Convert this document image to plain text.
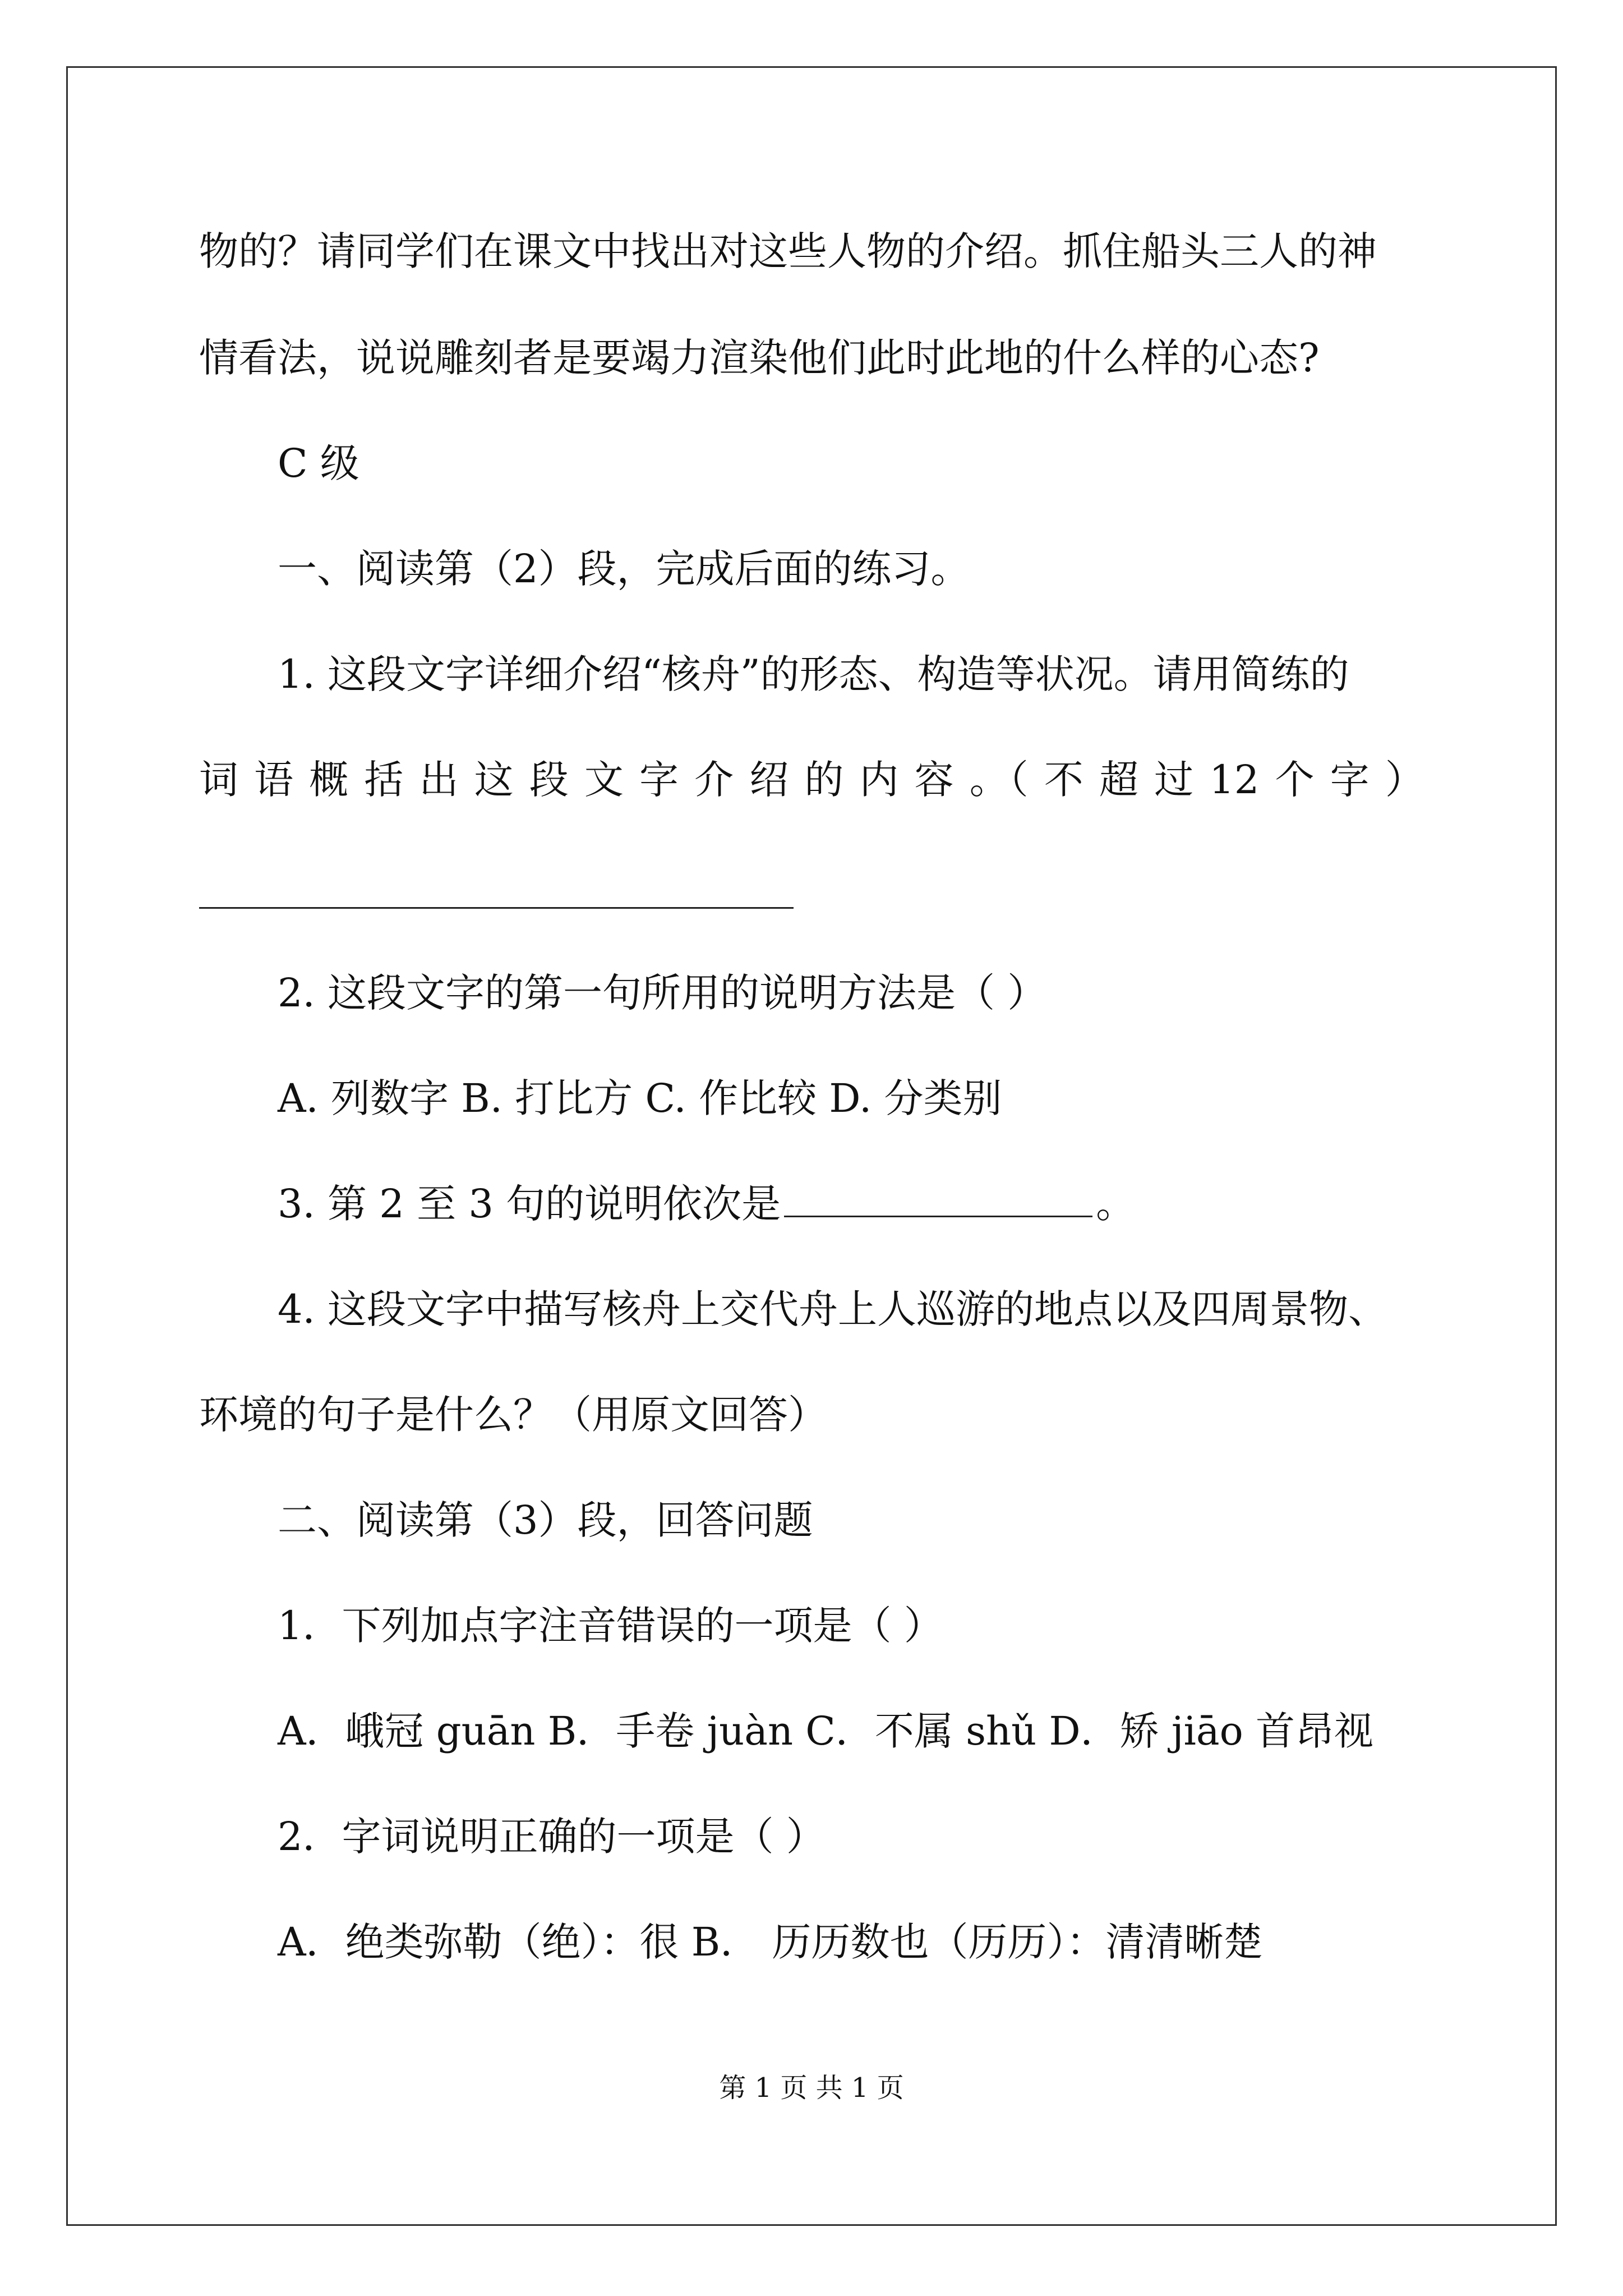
物的？请同学们在课文中找出对这些人物的介绍。抓住船头三人的神
情看法，说说雕刻者是要竭力渲染他们此时此地的什么样的心态?
C 级
一、阅读第（2）段，完成后面的练习。
1. 这段文字详细介绍“核舟”的形态、构造等状况。请用简练的
词 语 概 括 出 这 段 文 字 介 绍 的 内 容 。（ 不 超 过 12 个 字 ）
2. 这段文字的第一句所用的说明方法是（ ）
A. 列数字 B. 打比方 C. 作比较 D. 分类别
3. 第 2 至 3 句的说明依次是	。
4. 这段文字中描写核舟上交代舟上人巡游的地点以及四周景物、
环境的句子是什么？（用原文回答）
二、阅读第（3）段，回答问题
1．下列加点字注音错误的一项是（ ）
A．峨冠 guān B．手卷 juàn C．不属 shǔ D．矫 jiāo 首昂视
2．字词说明正确的一项是（ ）
A．绝类弥勒（绝）：很 B． 历历数也（历历）：清清晰楚
第 1 页 共 1 页
